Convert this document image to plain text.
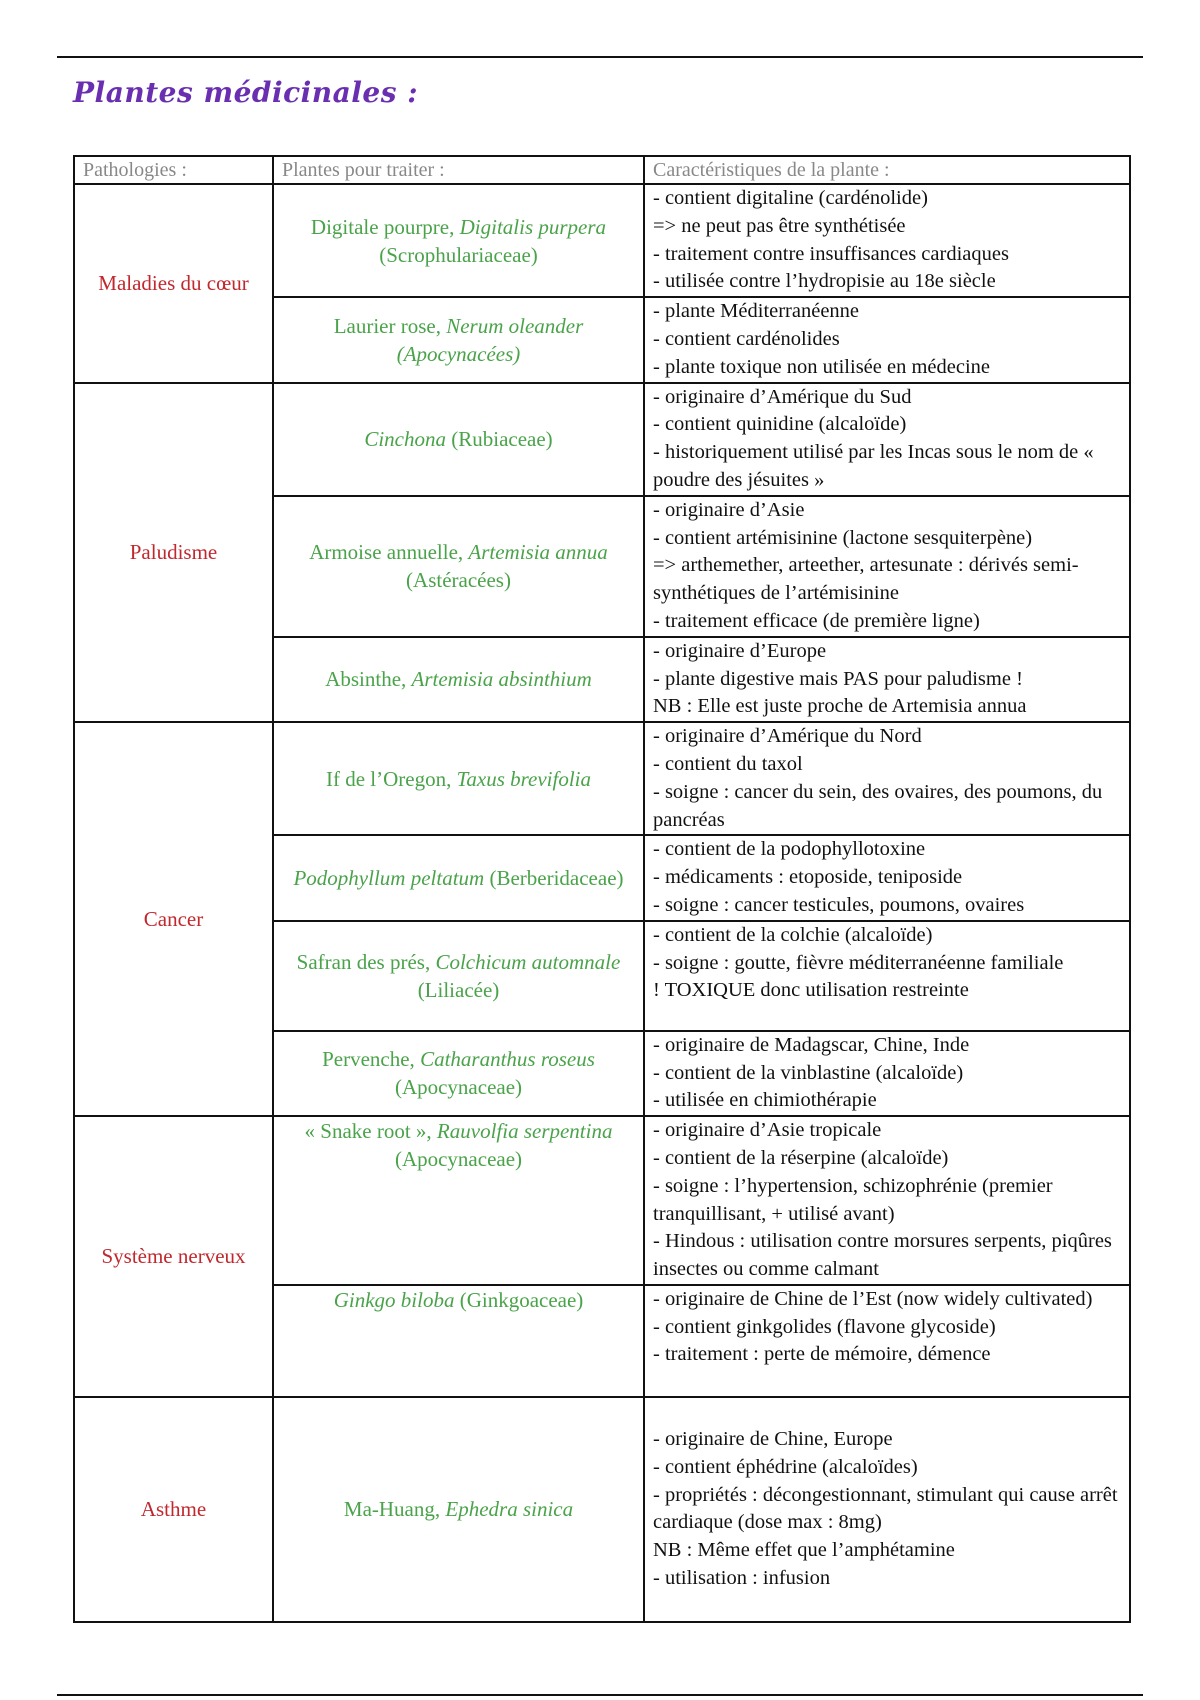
Plantes médicinales :
Pathologies :	Plantes pour traiter :	Caractéristiques de la plante :
Maladies du cœur	Digitale pourpre, Digitalis purpera (Scrophulariaceae)	- contient digitaline (cardénolide)
=> ne peut pas être synthétisée
- traitement contre insuffisances cardiaques
- utilisée contre l’hydropisie au 18e siècle

	Laurier rose, Nerum oleander (Apocynacées)	- plante Méditerranéenne
- contient cardénolides
- plante toxique non utilisée en médecine

Paludisme	Cinchona (Rubiaceae)	- originaire d’Amérique du Sud
- contient quinidine (alcaloïde)
- historiquement utilisé par les Incas sous le nom de « poudre des jésuites »

	Armoise annuelle, Artemisia annua (Astéracées)	- originaire d’Asie
- contient artémisinine (lactone sesquiterpène)
=> arthemether, arteether, artesunate : dérivés semi-synthétiques de l’artémisinine
- traitement efficace (de première ligne)

	Absinthe, Artemisia absinthium	- originaire d’Europe
- plante digestive mais PAS pour paludisme !
NB : Elle est juste proche de Artemisia annua

Cancer	If de l’Oregon, Taxus brevifolia	- originaire d’Amérique du Nord
- contient du taxol
- soigne : cancer du sein, des ovaires, des poumons, du pancréas

	Podophyllum peltatum (Berberidaceae)	- contient de la podophyllotoxine
- médicaments : etoposide, teniposide
- soigne : cancer testicules, poumons, ovaires

	Safran des prés, Colchicum automnale (Liliacée)	- contient de la colchie (alcaloïde)
- soigne : goutte, fièvre méditerranéenne familiale
! TOXIQUE donc utilisation restreinte

	Pervenche, Catharanthus roseus (Apocynaceae)	- originaire de Madagscar, Chine, Inde
- contient de la vinblastine (alcaloïde)
- utilisée en chimiothérapie

Système nerveux	« Snake root », Rauvolfia serpentina (Apocynaceae)	- originaire d’Asie tropicale
- contient de la réserpine (alcaloïde)
- soigne : l’hypertension, schizophrénie (premier tranquillisant, + utilisé avant)
- Hindous : utilisation contre morsures serpents, piqûres insectes ou comme calmant

	Ginkgo biloba (Ginkgoaceae)	- originaire de Chine de l’Est (now widely cultivated)
- contient ginkgolides (flavone glycoside)
- traitement : perte de mémoire, démence

Asthme	Ma-Huang, Ephedra sinica	- originaire de Chine, Europe
- contient éphédrine (alcaloïdes)
- propriétés : décongestionnant, stimulant qui cause arrêt cardiaque (dose max : 8mg)
NB : Même effet que l’amphétamine
- utilisation : infusion
